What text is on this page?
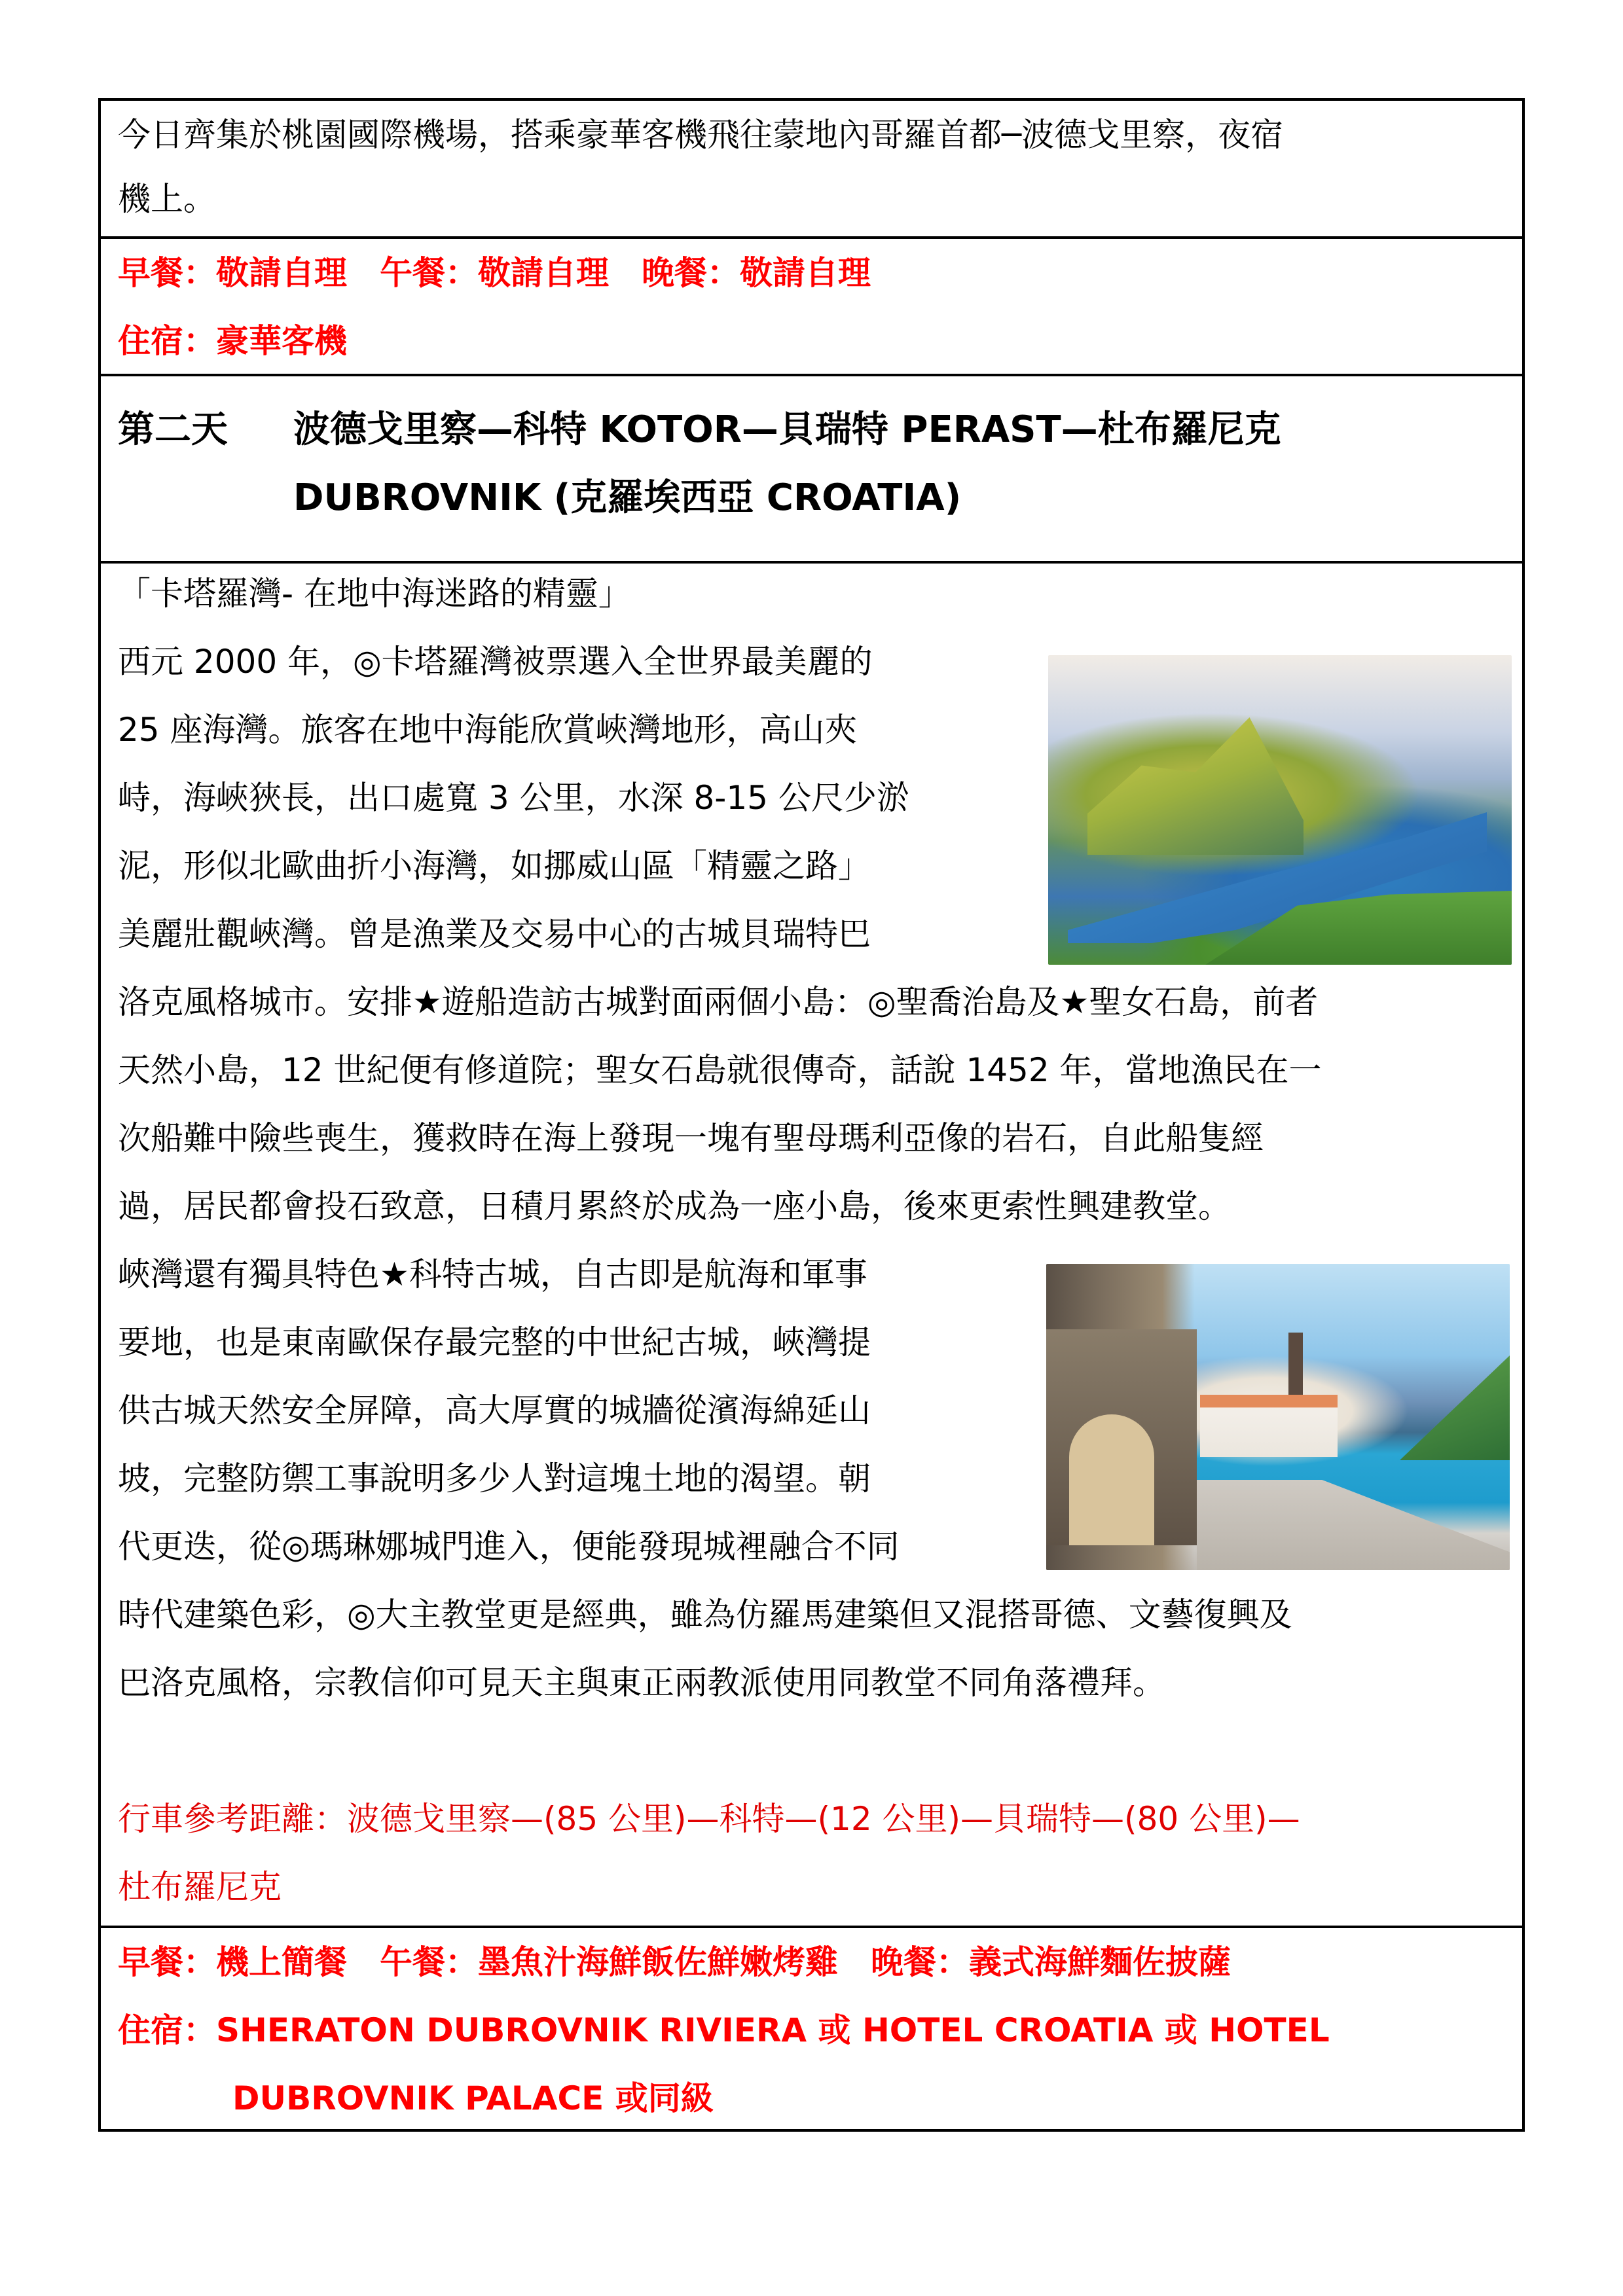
今日齊集於桃園國際機場，搭乘豪華客機飛往蒙地內哥羅首都─波德戈里察，夜宿
機上。
早餐：敬請自理　午餐：敬請自理　晚餐：敬請自理
住宿：豪華客機
第二天 波德戈里察—科特 KOTOR—貝瑞特 PERAST—杜布羅尼克
DUBROVNIK (克羅埃西亞 CROATIA)
「卡塔羅灣- 在地中海迷路的精靈」
西元 2000 年，◎卡塔羅灣被票選入全世界最美麗的
25 座海灣。旅客在地中海能欣賞峽灣地形，高山夾
峙，海峽狹長，出口處寬 3 公里，水深 8-15 公尺少淤
泥，形似北歐曲折小海灣，如挪威山區「精靈之路」
美麗壯觀峽灣。曾是漁業及交易中心的古城貝瑞特巴
洛克風格城市。安排★遊船造訪古城對面兩個小島：◎聖喬治島及★聖女石島，前者
天然小島，12 世紀便有修道院；聖女石島就很傳奇，話說 1452 年，當地漁民在一
次船難中險些喪生，獲救時在海上發現一塊有聖母瑪利亞像的岩石，自此船隻經
過，居民都會投石致意，日積月累終於成為一座小島，後來更索性興建教堂。
峽灣還有獨具特色★科特古城，自古即是航海和軍事
要地，也是東南歐保存最完整的中世紀古城，峽灣提
供古城天然安全屏障，高大厚實的城牆從濱海綿延山
坡，完整防禦工事說明多少人對這塊土地的渴望。朝
代更迭，從◎瑪琳娜城門進入，便能發現城裡融合不同
時代建築色彩，◎大主教堂更是經典，雖為仿羅馬建築但又混搭哥德、文藝復興及
巴洛克風格，宗教信仰可見天主與東正兩教派使用同教堂不同角落禮拜。

行車參考距離：波德戈里察—(85 公里)—科特—(12 公里)—貝瑞特—(80 公里)—
杜布羅尼克
早餐：機上簡餐　午餐：墨魚汁海鮮飯佐鮮嫩烤雞　晚餐：義式海鮮麵佐披薩
住宿：SHERATON DUBROVNIK RIVIERA 或 HOTEL CROATIA 或 HOTEL
DUBROVNIK PALACE 或同級
